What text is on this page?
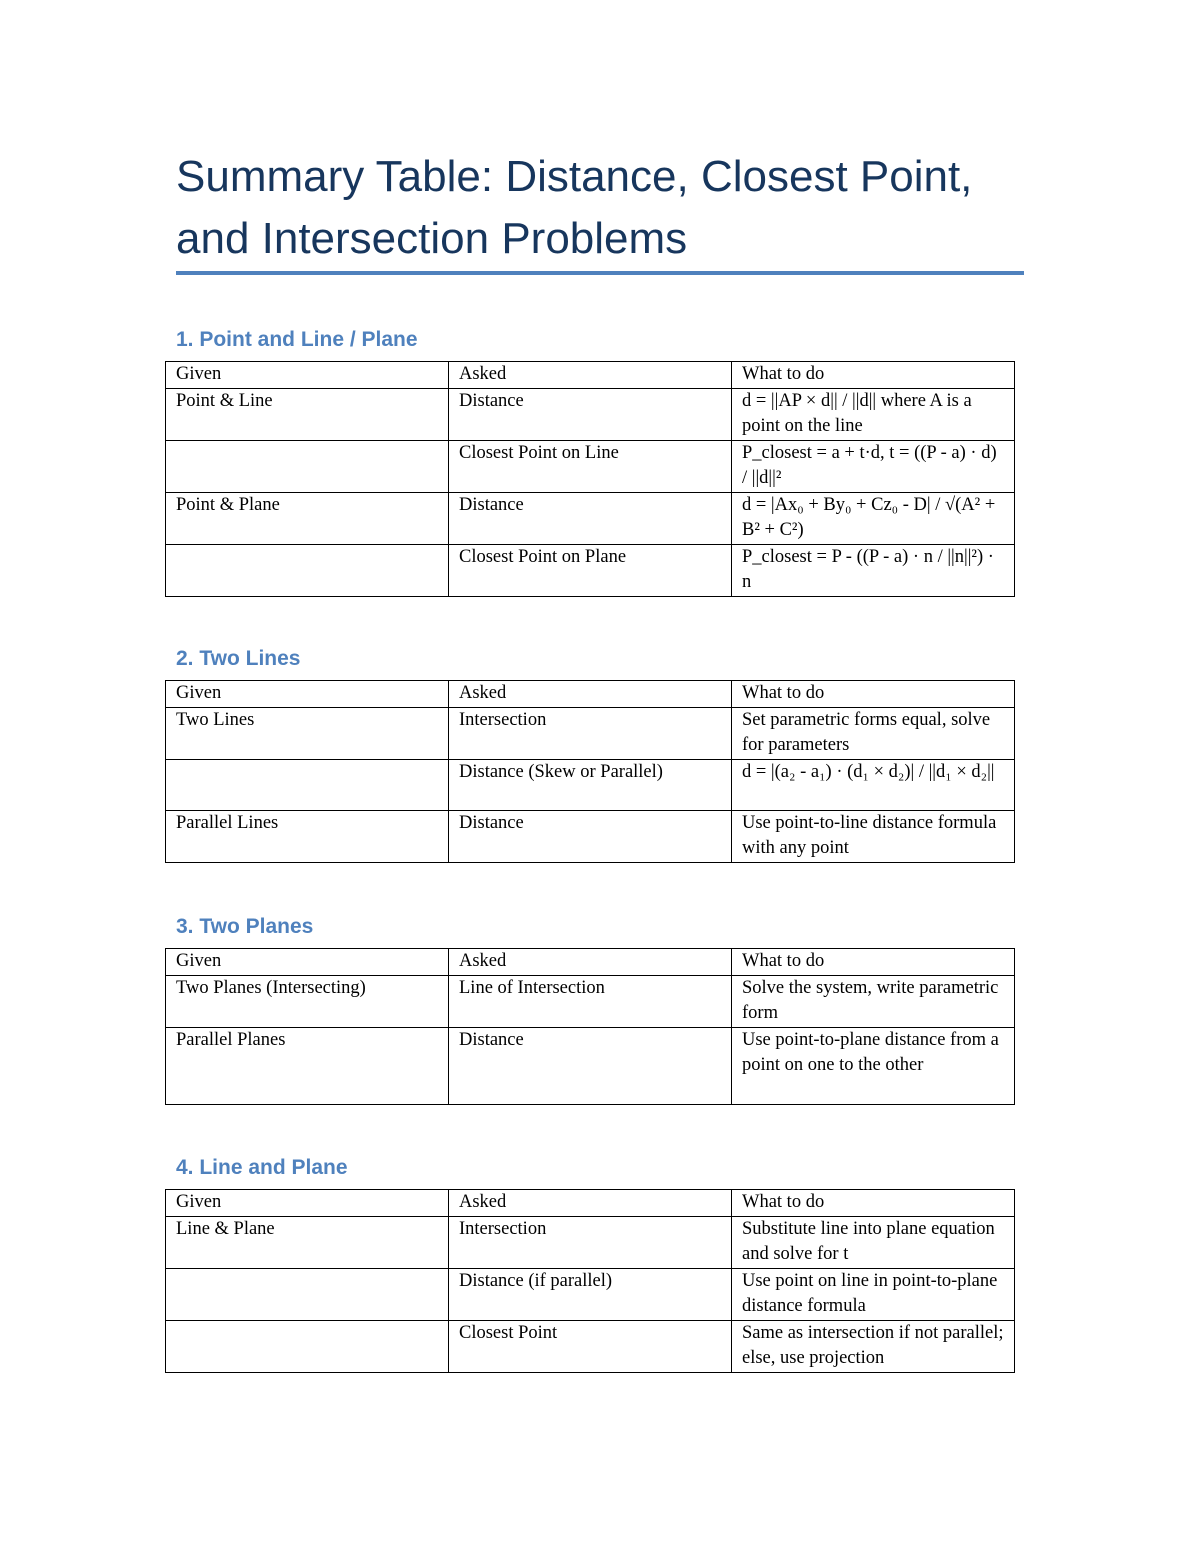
Summary Table: Distance, Closest Point, and Intersection Problems
1. Point and Line / Plane
Given	Asked	What to do
Point & Line	Distance	d = ||AP × d|| / ||d|| where A is a point on the line
	Closest Point on Line	P_closest = a + t·d, t = ((P - a) · d) / ||d||²
Point & Plane	Distance	d = |Ax₀ + By₀ + Cz₀ - D| / √(A² + B² + C²)
	Closest Point on Plane	P_closest = P - ((P - a) · n / ||n||²) · n
2. Two Lines
Given	Asked	What to do
Two Lines	Intersection	Set parametric forms equal, solve for parameters
	Distance (Skew or Parallel)	d = |(a₂ - a₁) · (d₁ × d₂)| / ||d₁ × d₂||
Parallel Lines	Distance	Use point-to-line distance formula with any point
3. Two Planes
Given	Asked	What to do
Two Planes (Intersecting)	Line of Intersection	Solve the system, write parametric form
Parallel Planes	Distance	Use point-to-plane distance from a point on one to the other
4. Line and Plane
Given	Asked	What to do
Line & Plane	Intersection	Substitute line into plane equation and solve for t
	Distance (if parallel)	Use point on line in point-to-plane distance formula
	Closest Point	Same as intersection if not parallel; else, use projection
